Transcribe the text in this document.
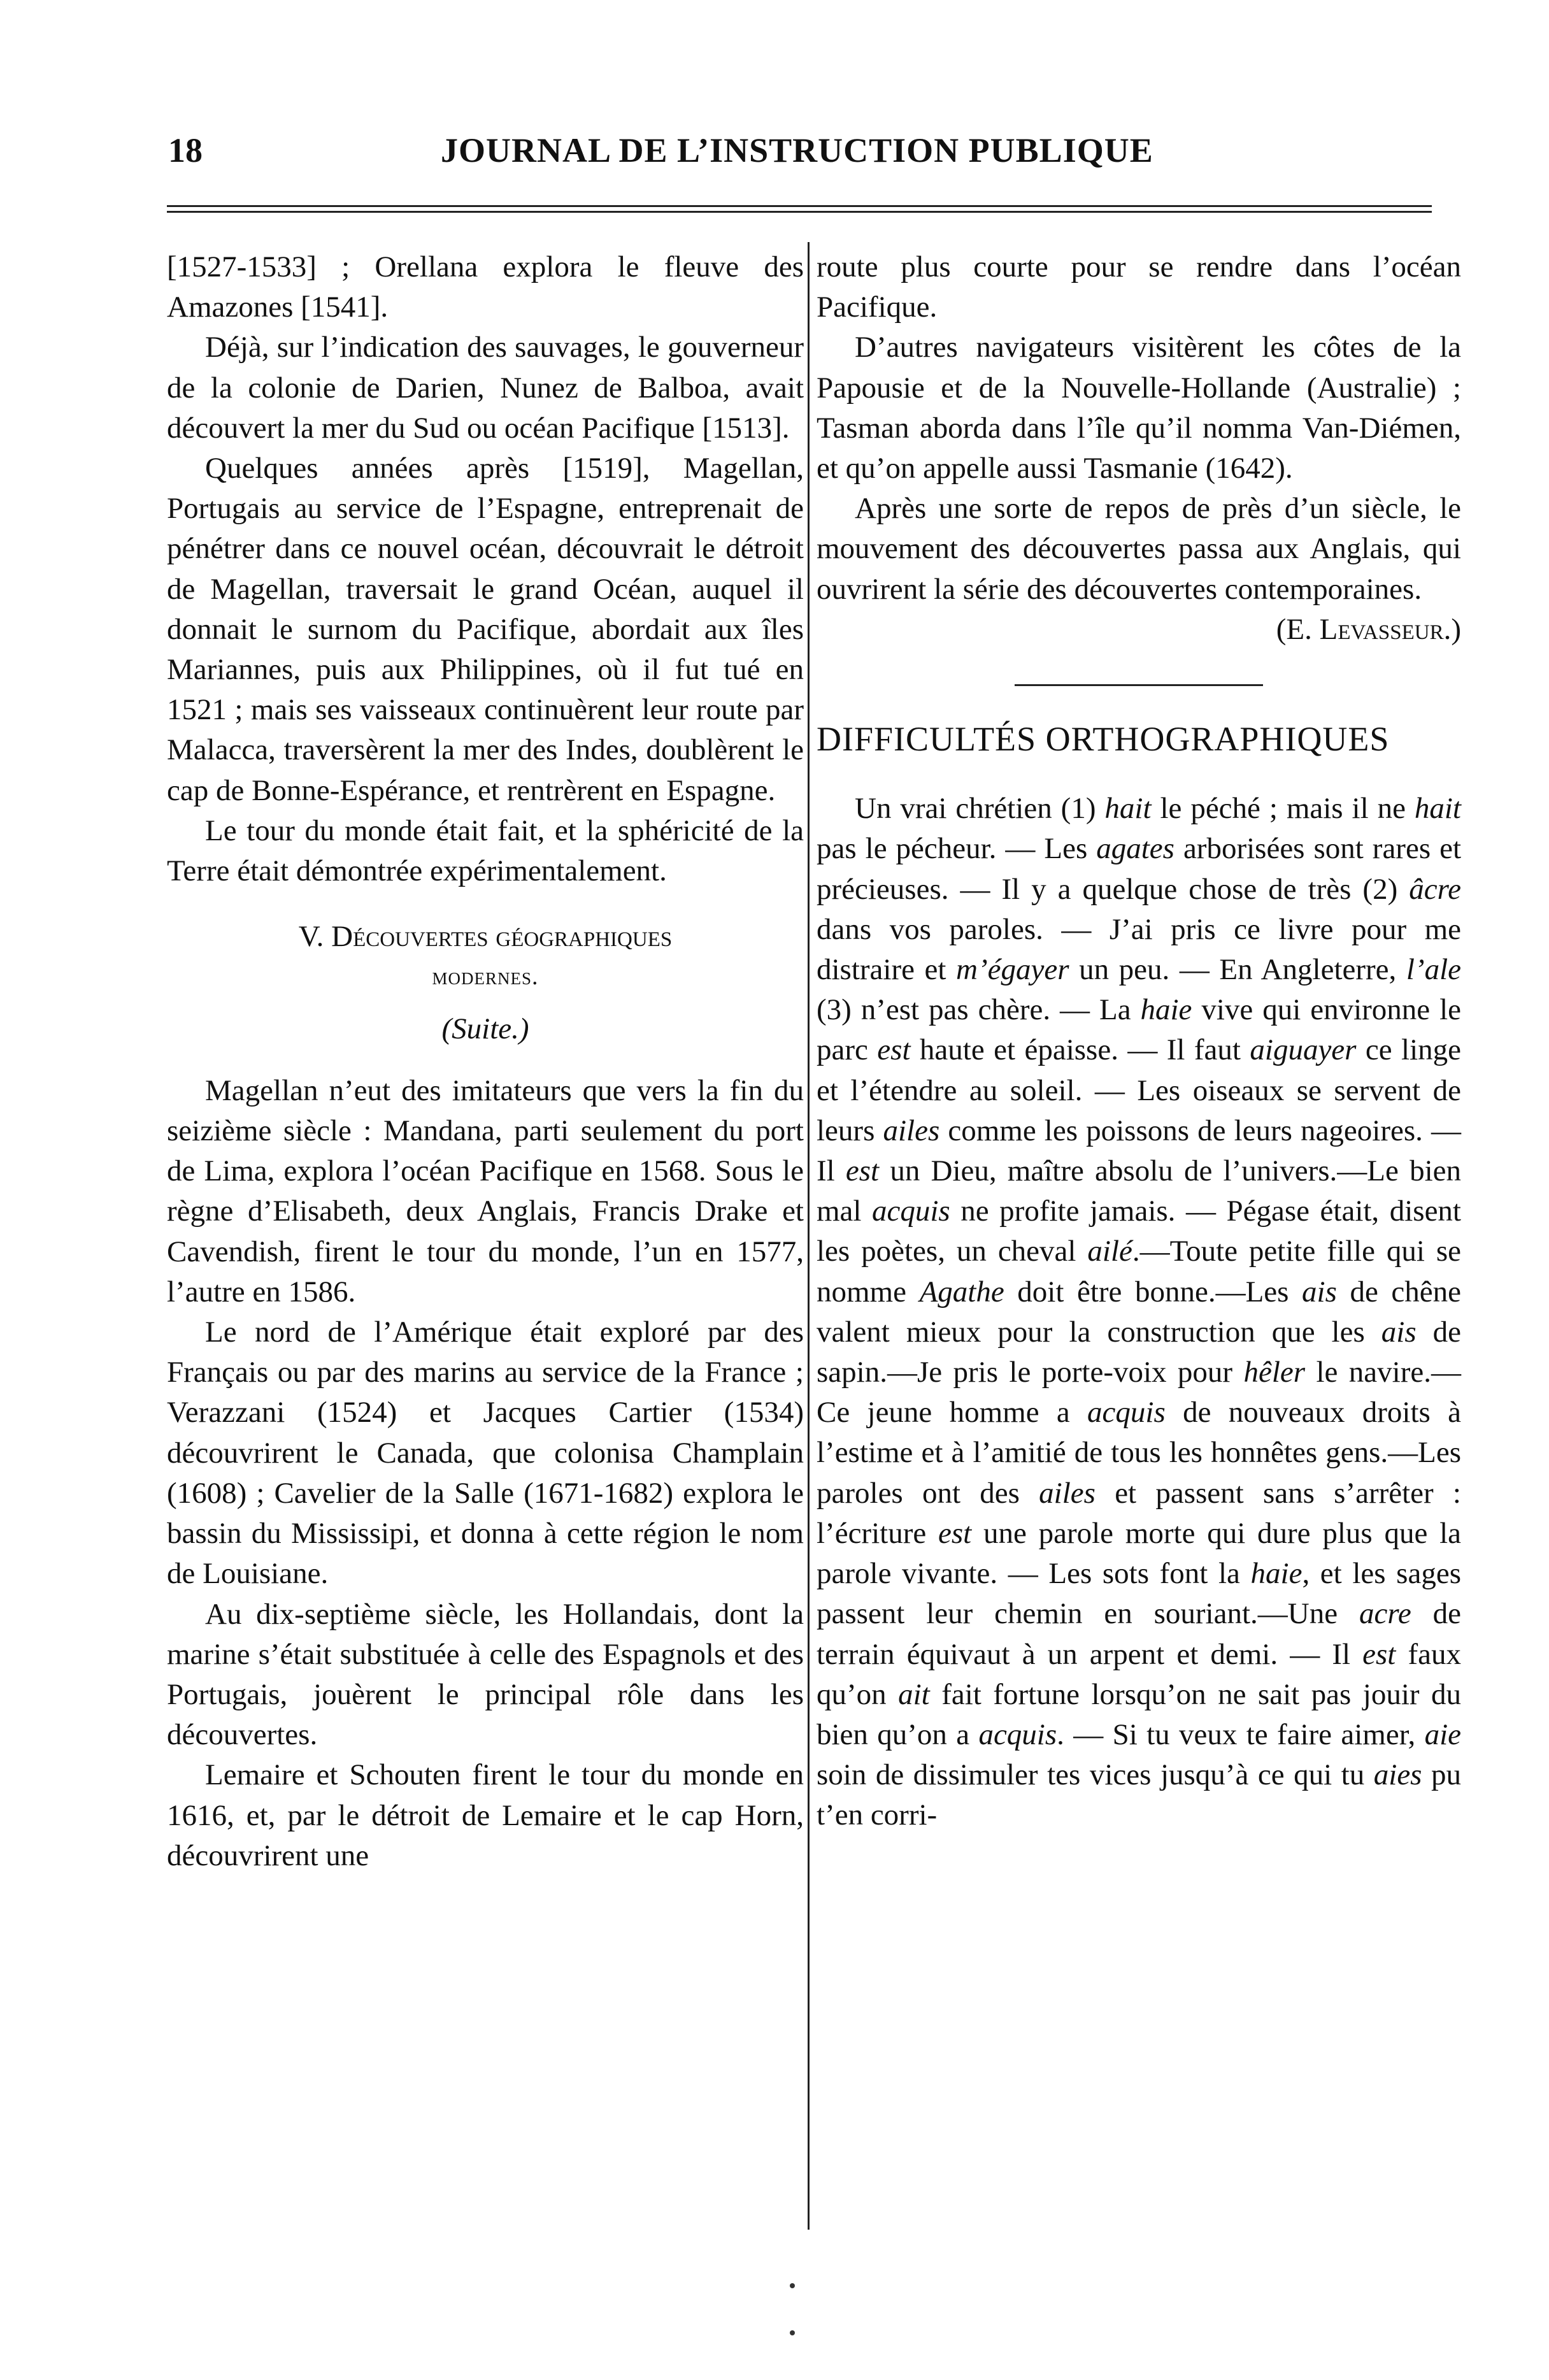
18	JOURNAL DE L’INSTRUCTION PUBLIQUE

[1527-1533] ; Orellana explora le fleuve des Amazones [1541].

Déjà, sur l’indication des sauvages, le gouverneur de la colonie de Darien, Nunez de Balboa, avait découvert la mer du Sud ou océan Pacifique [1513].

Quelques années après [1519], Magellan, Portugais au service de l’Espagne, entreprenait de pénétrer dans ce nouvel océan, découvrait le détroit de Magellan, traversait le grand Océan, auquel il donnait le surnom du Pacifique, abordait aux îles Mariannes, puis aux Philippines, où il fut tué en 1521 ; mais ses vaisseaux continuèrent leur route par Malacca, traversèrent la mer des Indes, doublèrent le cap de Bonne-Espérance, et rentrèrent en Espagne.

Le tour du monde était fait, et la sphéricité de la Terre était démontrée expérimentalement.

V. Découvertes géographiques

modernes.

(Suite.)

Magellan n’eut des imitateurs que vers la fin du seizième siècle : Mandana, parti seulement du port de Lima, explora l’océan Pacifique en 1568. Sous le règne d’Elisabeth, deux Anglais, Francis Drake et Cavendish, firent le tour du monde, l’un en 1577, l’autre en 1586.

Le nord de l’Amérique était exploré par des Français ou par des marins au service de la France ; Verazzani (1524) et Jacques Cartier (1534) découvrirent le Canada, que colonisa Champlain (1608) ; Cavelier de la Salle (1671-1682) explora le bassin du Mississipi, et donna à cette région le nom de Louisiane.

Au dix-septième siècle, les Hollandais, dont la marine s’était substituée à celle des Espagnols et des Portugais, jouèrent le principal rôle dans les découvertes.

Lemaire et Schouten firent le tour du monde en 1616, et, par le détroit de Lemaire et le cap Horn, découvrirent une

route plus courte pour se rendre dans l’océan Pacifique.

D’autres navigateurs visitèrent les côtes de la Papousie et de la Nouvelle-Hollande (Australie) ; Tasman aborda dans l’île qu’il nomma Van-Diémen, et qu’on appelle aussi Tasmanie (1642).

Après une sorte de repos de près d’un siècle, le mouvement des découvertes passa aux Anglais, qui ouvrirent la série des découvertes contemporaines.

(E. Levasseur.)

DIFFICULTÉS ORTHOGRAPHIQUES

Un vrai chrétien (1) hait le péché ; mais il ne hait pas le pécheur. — Les agates arborisées sont rares et précieuses. — Il y a quelque chose de très (2) âcre dans vos paroles. — J’ai pris ce livre pour me distraire et m’égayer un peu. — En Angleterre, l’ale (3) n’est pas chère. — La haie vive qui environne le parc est haute et épaisse. — Il faut aiguayer ce linge et l’étendre au soleil. — Les oiseaux se servent de leurs ailes comme les poissons de leurs nageoires. — Il est un Dieu, maître absolu de l’univers.—Le bien mal acquis ne profite jamais. — Pégase était, disent les poètes, un cheval ailé.—Toute petite fille qui se nomme Agathe doit être bonne.—Les ais de chêne valent mieux pour la construction que les ais de sapin.—Je pris le porte-voix pour hêler le navire.—Ce jeune homme a acquis de nouveaux droits à l’estime et à l’amitié de tous les honnêtes gens.—Les paroles ont des ailes et passent sans s’arrêter : l’écriture est une parole morte qui dure plus que la parole vivante. — Les sots font la haie, et les sages passent leur chemin en souriant.—Une acre de terrain équivaut à un arpent et demi. — Il est faux qu’on ait fait fortune lorsqu’on ne sait pas jouir du bien qu’on a acquis. — Si tu veux te faire aimer, aie soin de dissimuler tes vices jusqu’à ce qui tu aies pu t’en corri-
